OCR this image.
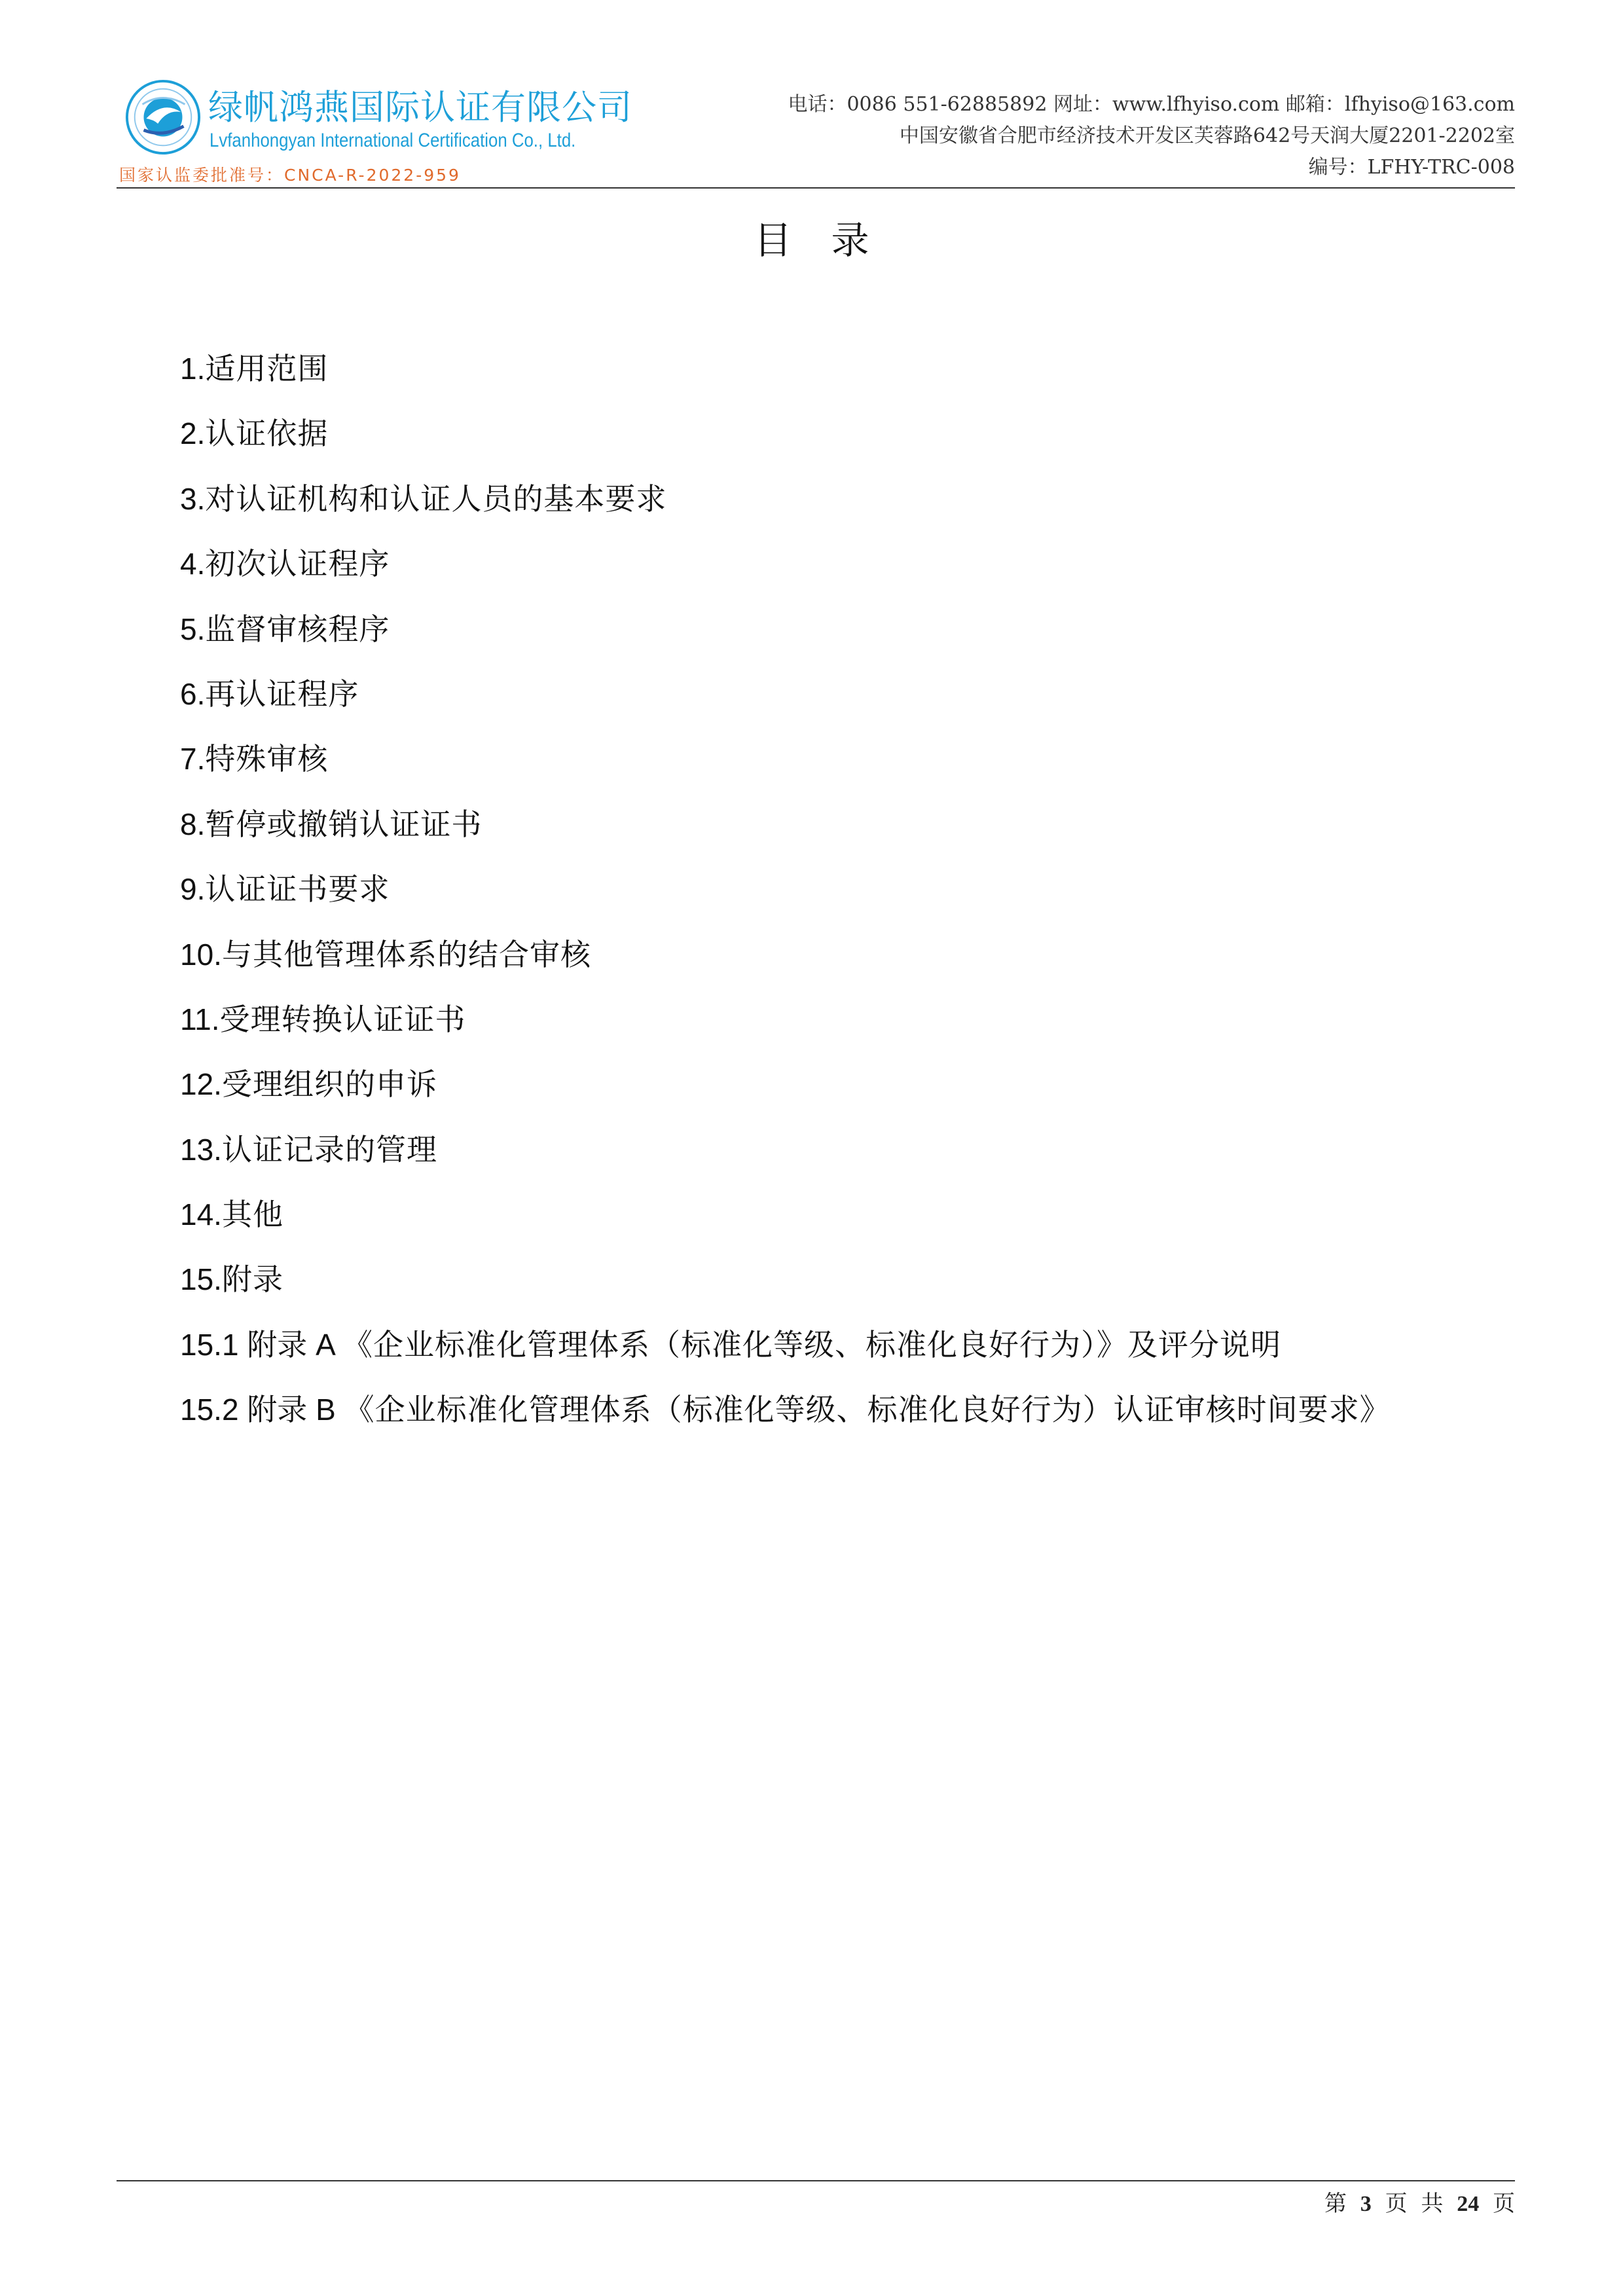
绿帆鸿燕国际认证有限公司
Lvfanhongyan International Certification Co., Ltd.
国家认监委批准号：CNCA-R-2022-959
电话：0086 551-62885892 网址：www.lfhyiso.com 邮箱：lfhyiso@163.com
中国安徽省合肥市经济技术开发区芙蓉路642号天润大厦2201-2202室
编号：LFHY-TRC-008
目录
1.适用范围
2.认证依据
3.对认证机构和认证人员的基本要求
4.初次认证程序
5.监督审核程序
6.再认证程序
7.特殊审核
8.暂停或撤销认证证书
9.认证证书要求
10.与其他管理体系的结合审核
11.受理转换认证证书
12.受理组织的申诉
13.认证记录的管理
14.其他
15.附录
15.1 附录 A 《企业标准化管理体系（标准化等级、标准化良好行为）》及评分说明
15.2 附录 B 《企业标准化管理体系（标准化等级、标准化良好行为）认证审核时间要求》
第 3 页 共 24 页
